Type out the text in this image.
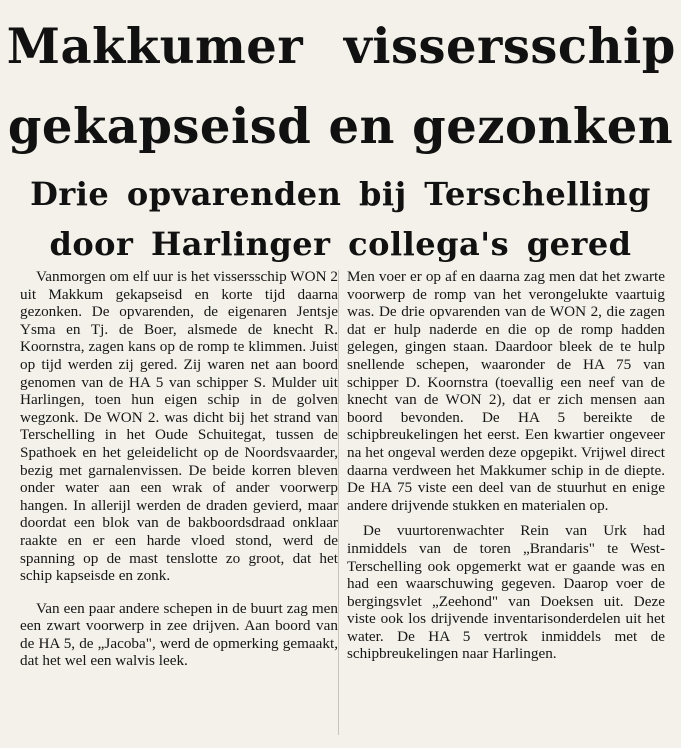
Makkumer vissersschip
gekapseisd en gezonken
Drie opvarenden bij Terschelling
door Harlinger collega's gered

Vanmorgen om elf uur is het vissersschip WON 2 uit Makkum gekapseisd en korte tijd daarna gezonken. De opvarenden, de eigenaren Jentsje Ysma en Tj. de Boer, alsmede de knecht R. Koornstra, zagen kans op de romp te klimmen. Juist op tijd werden zij gered. Zij waren net aan boord genomen van de HA 5 van schipper S. Mulder uit Harlingen, toen hun eigen schip in de golven wegzonk. De WON 2. was dicht bij het strand van Terschelling in het Oude Schuitegat, tussen de Spathoek en het geleidelicht op de Noordsvaarder, bezig met garnalenvissen. De beide korren bleven onder water aan een wrak of ander voorwerp hangen. In allerijl werden de draden gevierd, maar doordat een blok van de bakboordsdraad onklaar raakte en er een harde vloed stond, werd de spanning op de mast tenslotte zo groot, dat het schip kapseisde en zonk.

Van een paar andere schepen in de buurt zag men een zwart voorwerp in zee drijven. Aan boord van de HA 5, de „Jacoba", werd de opmerking gemaakt, dat het wel een walvis leek.

Men voer er op af en daarna zag men dat het zwarte voorwerp de romp van het verongelukte vaartuig was. De drie opvarenden van de WON 2, die zagen dat er hulp naderde en die op de romp hadden gelegen, gingen staan. Daardoor bleek de te hulp snellende schepen, waaronder de HA 75 van schipper D. Koornstra (toevallig een neef van de knecht van de WON 2), dat er zich mensen aan boord bevonden. De HA 5 bereikte de schipbreukelingen het eerst. Een kwartier ongeveer na het ongeval werden deze opgepikt. Vrijwel direct daarna verdween het Makkumer schip in de diepte. De HA 75 viste een deel van de stuurhut en enige andere drijvende stukken en materialen op.

De vuurtorenwachter Rein van Urk had inmiddels van de toren „Brandaris" te West-Terschelling ook opgemerkt wat er gaande was en had een waarschuwing gegeven. Daarop voer de bergingsvlet „Zeehond" van Doeksen uit. Deze viste ook los drijvende inventarisonderdelen uit het water. De HA 5 vertrok inmiddels met de schipbreukelingen naar Harlingen.
